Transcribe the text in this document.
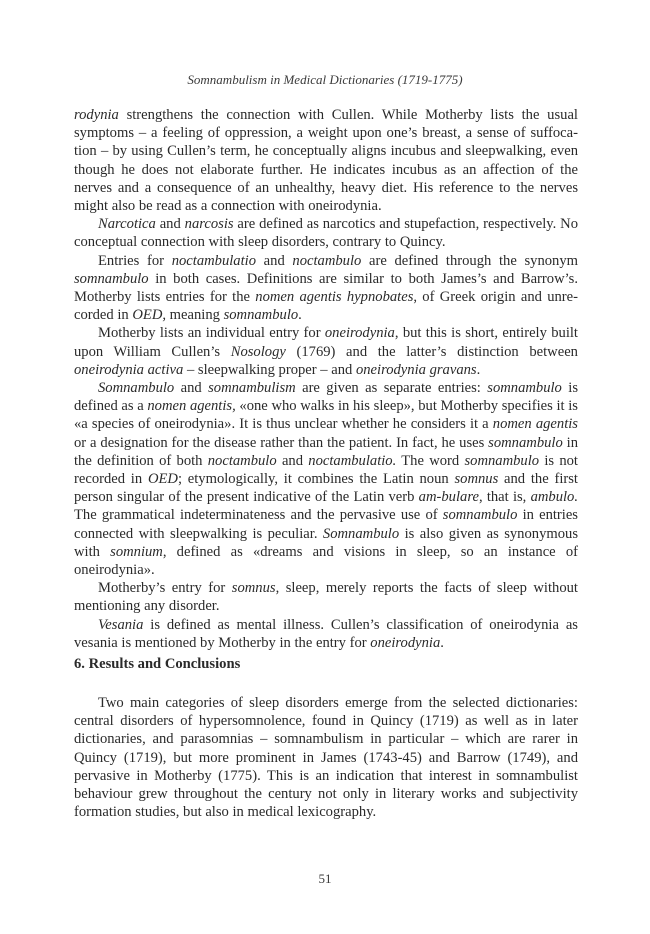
Somnambulism in Medical Dictionaries (1719-1775)

rodynia strengthens the connection with Cullen. While Motherby lists the usual symptoms – a feeling of oppression, a weight upon one’s breast, a sense of suffoca-tion – by using Cullen’s term, he conceptually aligns incubus and sleepwalking, even though he does not elaborate further. He indicates incubus as an affection of the nerves and a consequence of an unhealthy, heavy diet. His reference to the nerves might also be read as a connection with oneirodynia.

Narcotica and narcosis are defined as narcotics and stupefaction, respectively. No conceptual connection with sleep disorders, contrary to Quincy.

Entries for noctambulatio and noctambulo are defined through the synonym somnambulo in both cases. Definitions are similar to both James’s and Barrow’s. Motherby lists entries for the nomen agentis hypnobates, of Greek origin and unre-corded in OED, meaning somnambulo.

Motherby lists an individual entry for oneirodynia, but this is short, entirely built upon William Cullen’s Nosology (1769) and the latter’s distinction between oneirodynia activa – sleepwalking proper – and oneirodynia gravans.

Somnambulo and somnambulism are given as separate entries: somnambulo is defined as a nomen agentis, «one who walks in his sleep», but Motherby specifies it is «a species of oneirodynia». It is thus unclear whether he considers it a nomen agentis or a designation for the disease rather than the patient. In fact, he uses somnambulo in the definition of both noctambulo and noctambulatio. The word somnambulo is not recorded in OED; etymologically, it combines the Latin noun somnus and the first person singular of the present indicative of the Latin verb am-bulare, that is, ambulo. The grammatical indeterminateness and the pervasive use of somnambulo in entries connected with sleepwalking is peculiar. Somnambulo is also given as synonymous with somnium, defined as «dreams and visions in sleep, so an instance of oneirodynia».

Motherby’s entry for somnus, sleep, merely reports the facts of sleep without mentioning any disorder.

Vesania is defined as mental illness. Cullen’s classification of oneirodynia as vesania is mentioned by Motherby in the entry for oneirodynia.

6. Results and Conclusions

Two main categories of sleep disorders emerge from the selected dictionaries: central disorders of hypersomnolence, found in Quincy (1719) as well as in later dictionaries, and parasomnias – somnambulism in particular – which are rarer in Quincy (1719), but more prominent in James (1743-45) and Barrow (1749), and pervasive in Motherby (1775). This is an indication that interest in somnambulist behaviour grew throughout the century not only in literary works and subjectivity formation studies, but also in medical lexicography.

51
